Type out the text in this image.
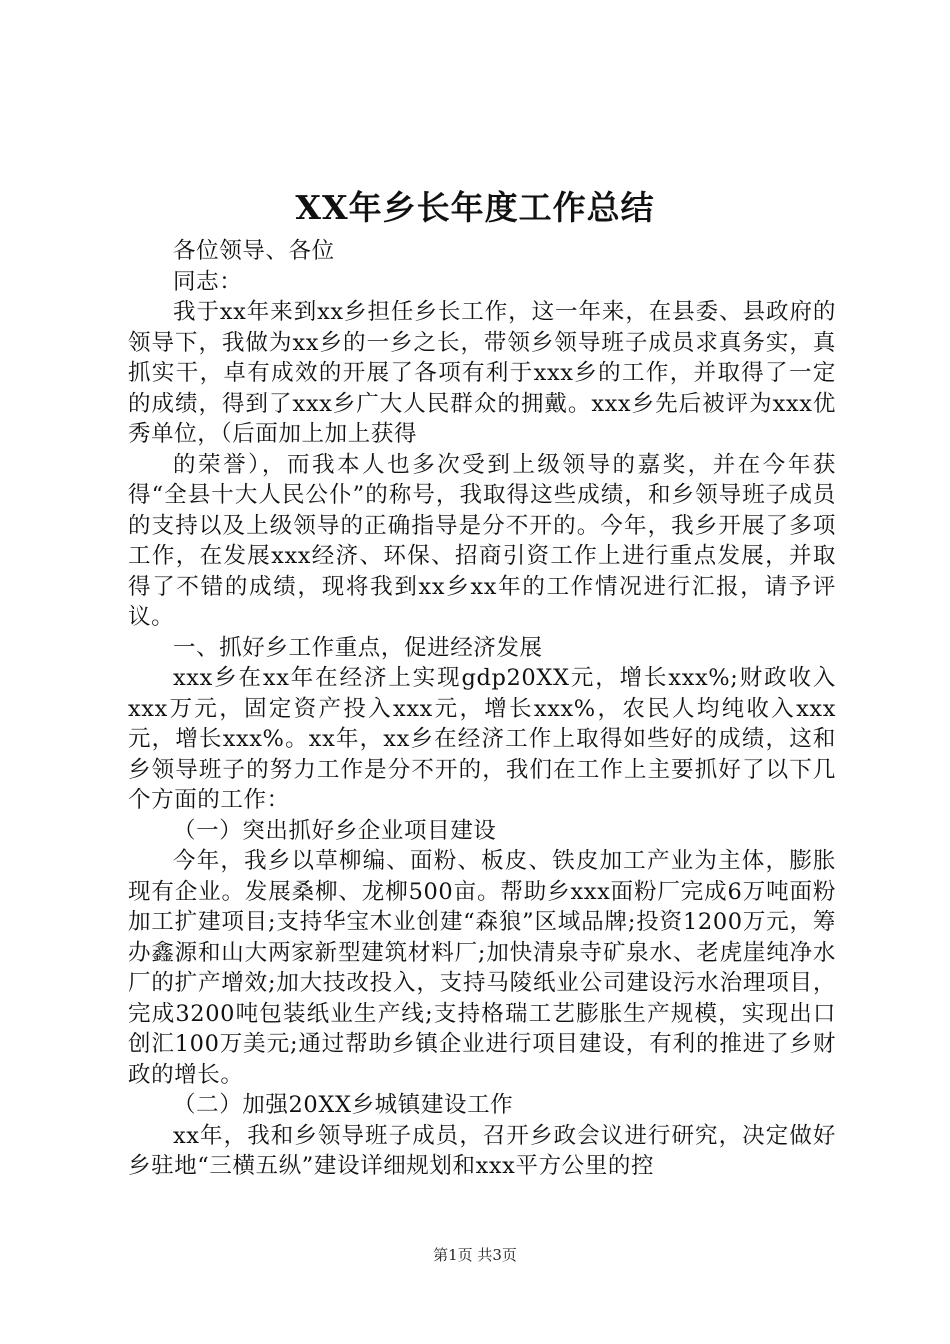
XX年乡长年度工作总结

各位领导、各位

同志：

我于xx年来到xx乡担任乡长工作，这一年来，在县委、县政府的领导下，我做为xx乡的一乡之长，带领乡领导班子成员求真务实，真抓实干，卓有成效的开展了各项有利于xxx乡的工作，并取得了一定的成绩，得到了xxx乡广大人民群众的拥戴。xxx乡先后被评为xxx优秀单位，（后面加上加上获得

的荣誉），而我本人也多次受到上级领导的嘉奖，并在今年获得“全县十大人民公仆”的称号，我取得这些成绩，和乡领导班子成员的支持以及上级领导的正确指导是分不开的。今年，我乡开展了多项工作，在发展xxx经济、环保、招商引资工作上进行重点发展，并取得了不错的成绩，现将我到xx乡xx年的工作情况进行汇报，请予评议。

一、抓好乡工作重点，促进经济发展

xxx乡在xx年在经济上实现gdp20XX元，增长xxx%;财政收入xxx万元，固定资产投入xxx元，增长xxx%，农民人均纯收入xxx元，增长xxx%。xx年，xx乡在经济工作上取得如些好的成绩，这和乡领导班子的努力工作是分不开的，我们在工作上主要抓好了以下几个方面的工作：

（一）突出抓好乡企业项目建设

今年，我乡以草柳编、面粉、板皮、铁皮加工产业为主体，膨胀现有企业。发展桑柳、龙柳500亩。帮助乡xxx面粉厂完成6万吨面粉加工扩建项目;支持华宝木业创建“森狼”区域品牌;投资1200万元，筹办鑫源和山大两家新型建筑材料厂;加快清泉寺矿泉水、老虎崖纯净水厂的扩产增效;加大技改投入，支持马陵纸业公司建设污水治理项目，完成3200吨包装纸业生产线;支持格瑞工艺膨胀生产规模，实现出口创汇100万美元;通过帮助乡镇企业进行项目建设，有利的推进了乡财政的增长。

（二）加强20XX乡城镇建设工作

xx年，我和乡领导班子成员，召开乡政会议进行研究，决定做好乡驻地“三横五纵”建设详细规划和xxx平方公里的控

第1页 共3页
